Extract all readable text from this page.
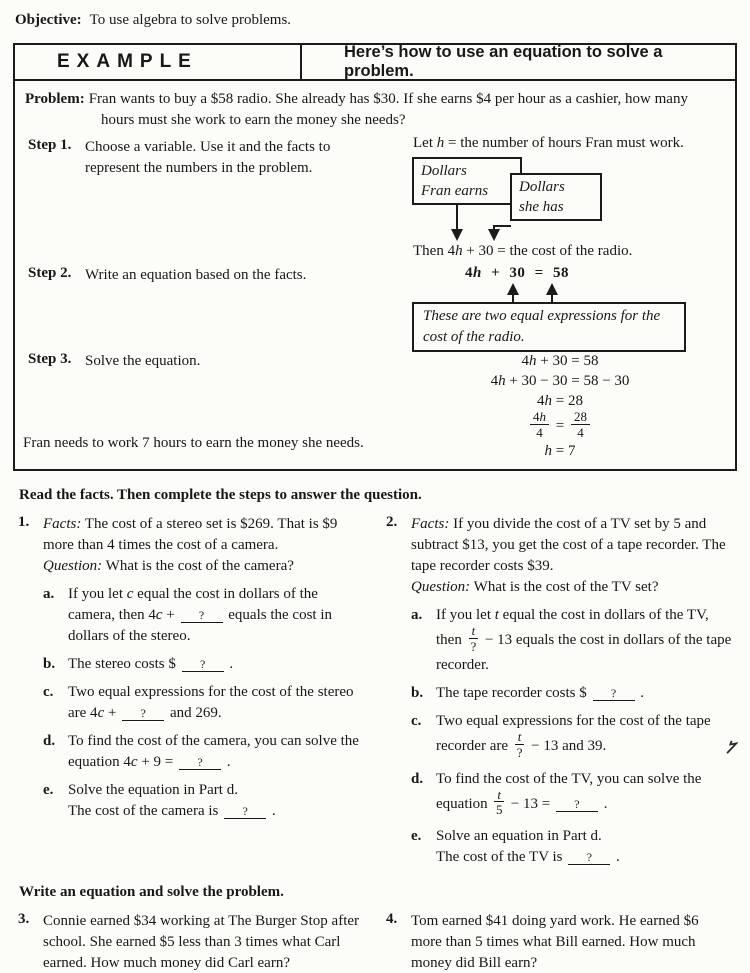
Objective: To use algebra to solve problems.
EXAMPLE	Here’s how to use an equation to solve a problem.
Problem: Fran wants to buy a $58 radio. She already has $30. If she earns $4 per hour as a cashier, how many hours must she work to earn the money she needs?
Step 1. Choose a variable. Use it and the facts to represent the numbers in the problem.
Step 2. Write an equation based on the facts.
Step 3. Solve the equation.
Let h = the number of hours Fran must work.
Dollars
Fran earns	Dollars
she has
Then 4h + 30 = the cost of the radio.
4h + 30 = 58
These are two equal expressions for the cost of the radio.
4h + 30 = 58
4h + 30 − 30 = 58 − 30
4h = 28
$\frac{4h}{4} = \frac{28}{4}$
h = 7
Fran needs to work 7 hours to earn the money she needs.
Read the facts. Then complete the steps to answer the question.
1. Facts: The cost of a stereo set is $269. That is $9 more than 4 times the cost of a camera.

Question: What is the cost of the camera?

a. If you let c equal the cost in dollars of the camera, then 4c + ? equals the cost in dollars of the stereo.
b. The stereo costs $ ? .
c. Two equal expressions for the cost of the stereo are 4c + ? and 269.
d. To find the cost of the camera, you can solve the equation 4c + 9 = ? .
e. Solve the equation in Part d.
The cost of the camera is ? .
2. Facts: If you divide the cost of a TV set by 5 and subtract $13, you get the cost of a tape recorder. The tape recorder costs $39.

Question: What is the cost of the TV set?

a. If you let t equal the cost in dollars of the TV, then $\frac{t}{?} - 13$ equals the cost in dollars of the tape recorder.
b. The tape recorder costs $ ? .
c. Two equal expressions for the cost of the tape recorder are $\frac{t}{?} - 13$ and 39.
d. To find the cost of the TV, you can solve the equation $\frac{t}{5} - 13$ = ? .
e. Solve an equation in Part d.
The cost of the TV is ? .
Write an equation and solve the problem.
3. Connie earned $34 working at The Burger Stop after school. She earned $5 less than 3 times what Carl earned. How much money did Carl earn?

4. Tom earned $41 doing yard work. He earned $6 more than 5 times what Bill earned. How much money did Bill earn?
